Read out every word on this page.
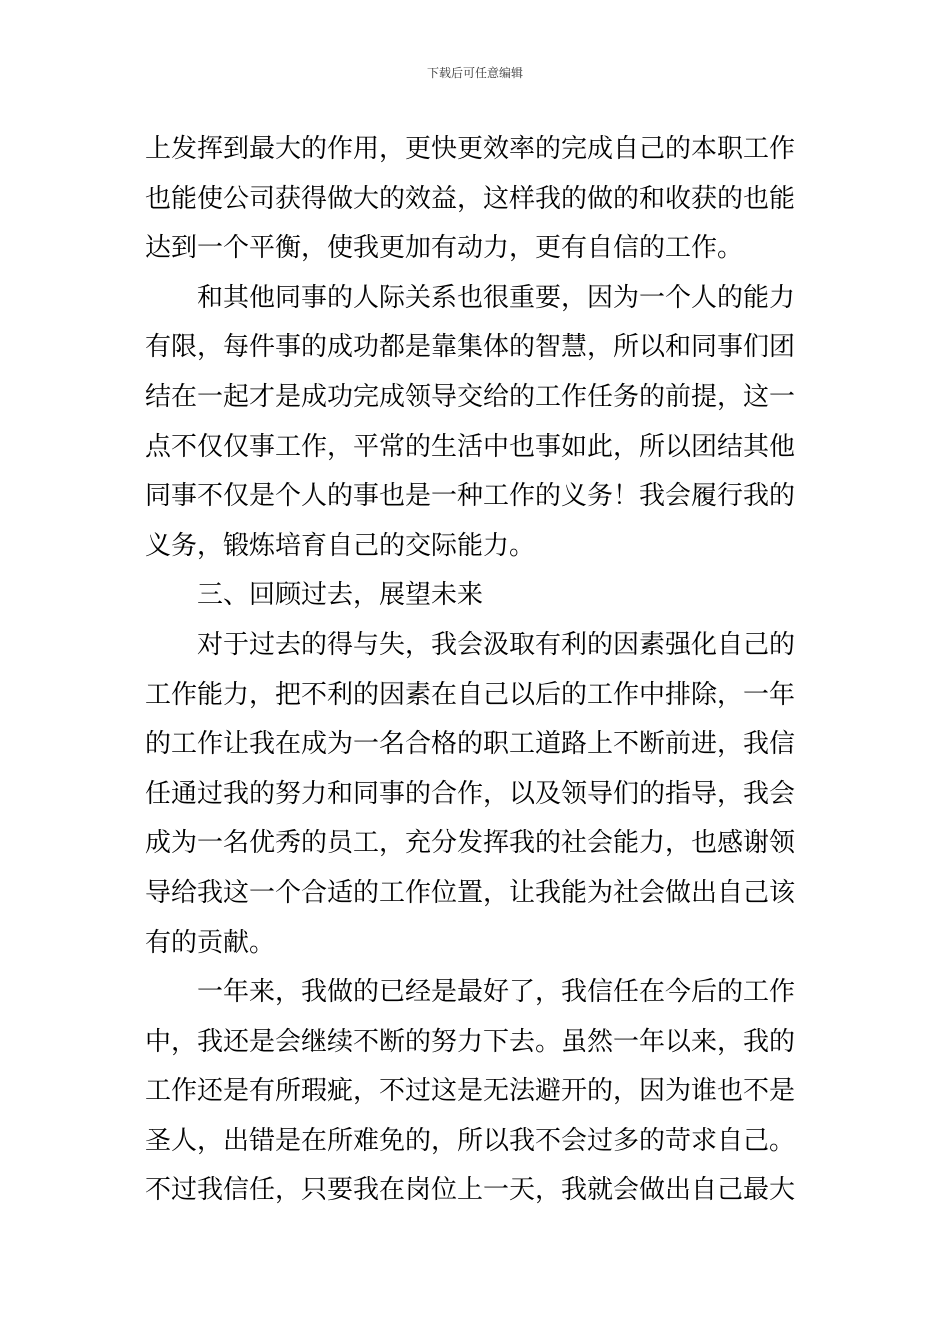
下载后可任意编辑
上发挥到最大的作用，更快更效率的完成自己的本职工作
也能使公司获得做大的效益，这样我的做的和收获的也能
达到一个平衡，使我更加有动力，更有自信的工作。
和其他同事的人际关系也很重要，因为一个人的能力
有限，每件事的成功都是靠集体的智慧，所以和同事们团
结在一起才是成功完成领导交给的工作任务的前提，这一
点不仅仅事工作，平常的生活中也事如此，所以团结其他
同事不仅是个人的事也是一种工作的义务！我会履行我的
义务，锻炼培育自己的交际能力。
三、回顾过去，展望未来
对于过去的得与失，我会汲取有利的因素强化自己的
工作能力，把不利的因素在自己以后的工作中排除，一年
的工作让我在成为一名合格的职工道路上不断前进，我信
任通过我的努力和同事的合作，以及领导们的指导，我会
成为一名优秀的员工，充分发挥我的社会能力，也感谢领
导给我这一个合适的工作位置，让我能为社会做出自己该
有的贡献。
一年来，我做的已经是最好了，我信任在今后的工作
中，我还是会继续不断的努力下去。虽然一年以来，我的
工作还是有所瑕疵，不过这是无法避开的，因为谁也不是
圣人，出错是在所难免的，所以我不会过多的苛求自己。
不过我信任，只要我在岗位上一天，我就会做出自己最大
